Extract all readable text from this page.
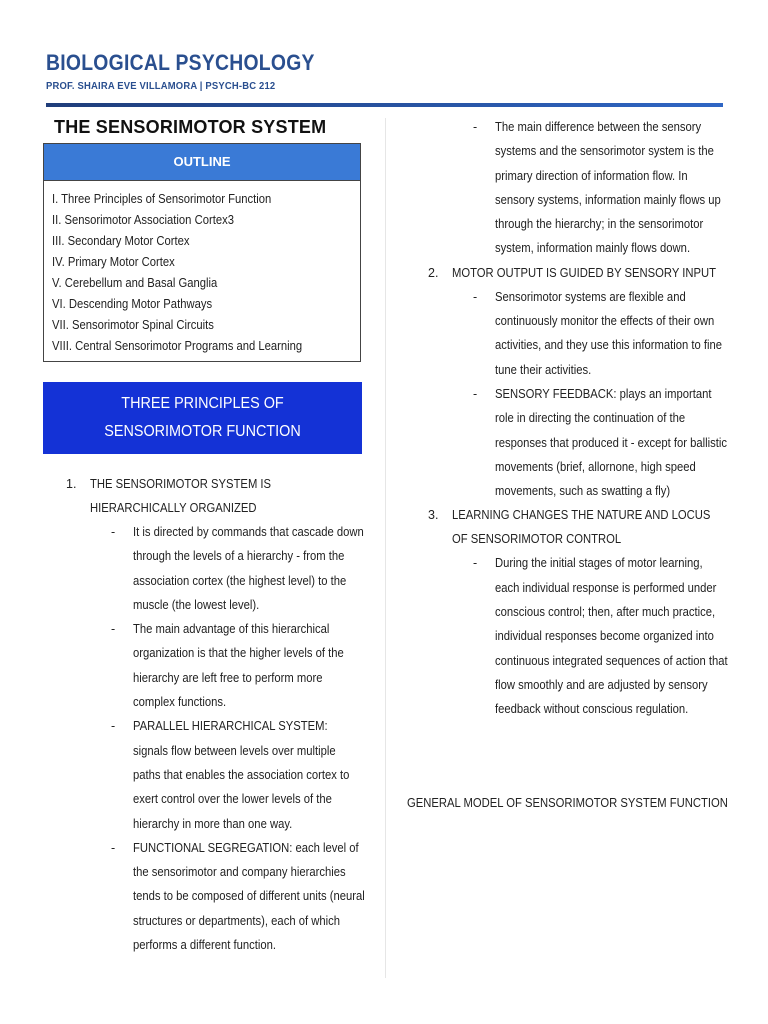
BIOLOGICAL PSYCHOLOGY
PROF. SHAIRA EVE VILLAMORA | PSYCH-BC 212
THE SENSORIMOTOR SYSTEM
OUTLINE
I. Three Principles of Sensorimotor Function
II. Sensorimotor Association Cortex3
III. Secondary Motor Cortex
IV. Primary Motor Cortex
V. Cerebellum and Basal Ganglia
VI. Descending Motor Pathways
VII. Sensorimotor Spinal Circuits
VIII. Central Sensorimotor Programs and Learning
THREE PRINCIPLES OF SENSORIMOTOR FUNCTION
1. THE SENSORIMOTOR SYSTEM IS HIERARCHICALLY ORGANIZED
- It is directed by commands that cascade down through the levels of a hierarchy - from the association cortex (the highest level) to the muscle (the lowest level).
- The main advantage of this hierarchical organization is that the higher levels of the hierarchy are left free to perform more complex functions.
- PARALLEL HIERARCHICAL SYSTEM: signals flow between levels over multiple paths that enables the association cortex to exert control over the lower levels of the hierarchy in more than one way.
- FUNCTIONAL SEGREGATION: each level of the sensorimotor and company hierarchies tends to be composed of different units (neural structures or departments), each of which performs a different function.
- The main difference between the sensory systems and the sensorimotor system is the primary direction of information flow. In sensory systems, information mainly flows up through the hierarchy; in the sensorimotor system, information mainly flows down.
2. MOTOR OUTPUT IS GUIDED BY SENSORY INPUT
- Sensorimotor systems are flexible and continuously monitor the effects of their own activities, and they use this information to fine tune their activities.
- SENSORY FEEDBACK: plays an important role in directing the continuation of the responses that produced it - except for ballistic movements (brief, allornone, high speed movements, such as swatting a fly)
3. LEARNING CHANGES THE NATURE AND LOCUS OF SENSORIMOTOR CONTROL
- During the initial stages of motor learning, each individual response is performed under conscious control; then, after much practice, individual responses become organized into continuous integrated sequences of action that flow smoothly and are adjusted by sensory feedback without conscious regulation.
GENERAL MODEL OF SENSORIMOTOR SYSTEM FUNCTION
